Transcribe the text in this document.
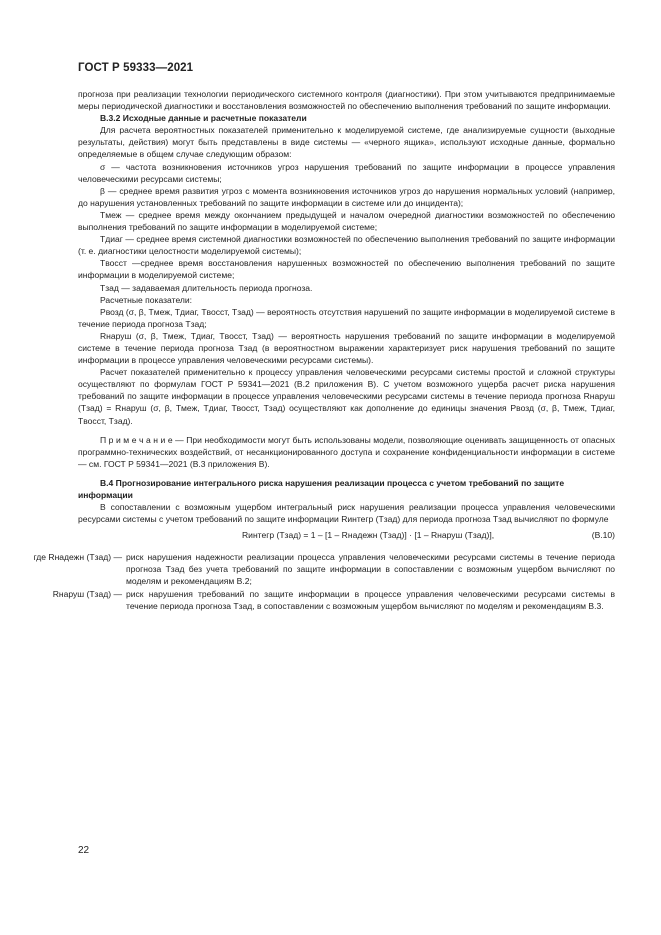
ГОСТ Р 59333—2021

прогнозa при реализации технологии периодического системного контроля (диагностики). При этом учитываются предпринимаемые меры периодической диагностики и восстановления возможностей по обеспечению выполнения требований по защите информации.

В.3.2 Исходные данные и расчетные показатели

Для расчета вероятностных показателей применительно к моделируемой системе, где анализируемые сущности (выходные результаты, действия) могут быть представлены в виде системы — «черного ящика», используют исходные данные, формально определяемые в общем случае следующим образом:

σ — частота возникновения источников угроз нарушения требований по защите информации в процессе управления человеческими ресурсами системы;

β — среднее время развития угроз с момента возникновения источников угроз до нарушения нормальных условий (например, до нарушения установленных требований по защите информации в системе или до инцидента);

Tмеж — среднее время между окончанием предыдущей и началом очередной диагностики возможностей по обеспечению выполнения требований по защите информации в моделируемой системе;

Tдиаг — среднее время системной диагностики возможностей по обеспечению выполнения требований по защите информации (т. е. диагностики целостности моделируемой системы);

Tвосст —среднее время восстановления нарушенных возможностей по обеспечению выполнения требований по защите информации в моделируемой системе;

Tзад — задаваемая длительность периода прогноза.

Расчетные показатели:

Pвозд (σ, β, Tмеж, Tдиаг, Tвосст, Tзад) — вероятность отсутствия нарушений по защите информации в моделируемой системе в течение периода прогноза Tзад;

Rнаруш (σ, β, Tмеж, Tдиаг, Tвосст, Tзад) — вероятность нарушения требований по защите информации в моделируемой системе в течение периода прогноза Tзад (в вероятностном выражении характеризует риск нарушения требований по защите информации в процессе управления человеческими ресурсами системы).

Расчет показателей применительно к процессу управления человеческими ресурсами системы простой и сложной структуры осуществляют по формулам ГОСТ Р 59341—2021 (В.2 приложения В). С учетом возможного ущерба расчет риска нарушения требований по защите информации в процессе управления человеческими ресурсами системы в течение периода прогноза Rнаруш (Tзад) = Rнаруш (σ, β, Tмеж, Tдиаг, Tвосст, Tзад) осуществляют как дополнение до единицы значения Pвозд (σ, β, Tмеж, Tдиаг, Tвосст, Tзад).

П р и м е ч а н и е — При необходимости могут быть использованы модели, позволяющие оценивать защищенность от опасных программно-технических воздействий, от несанкционированного доступа и сохранение конфиденциальности информации в системе — см. ГОСТ Р 59341—2021 (В.3 приложения В).

В.4 Прогнозирование интегрального риска нарушения реализации процесса с учетом требований по защите информации

В сопоставлении с возможным ущербом интегральный риск нарушения реализации процесса управления человеческими ресурсами системы с учетом требований по защите информации Rинтегр (Tзад) для периода прогноза Tзад вычисляют по формуле

Rинтегр (Tзад) = 1 – [1 – Rнадежн (Tзад)] · [1 – Rнаруш (Tзад)],	(В.10)
где Rнадежн (Tзад) — риск нарушения надежности реализации процесса управления человеческими ресурсами системы в течение периода прогноза Tзад без учета требований по защите информации в сопоставлении с возможным ущербом вычисляют по моделям и рекомендациям В.2;
Rнаруш (Tзад) — риск нарушения требований по защите информации в процессе управления человеческими ресурсами системы в течение периода прогноза Tзад, в сопоставлении с возможным ущербом вычисляют по моделям и рекомендациям В.3.
22
